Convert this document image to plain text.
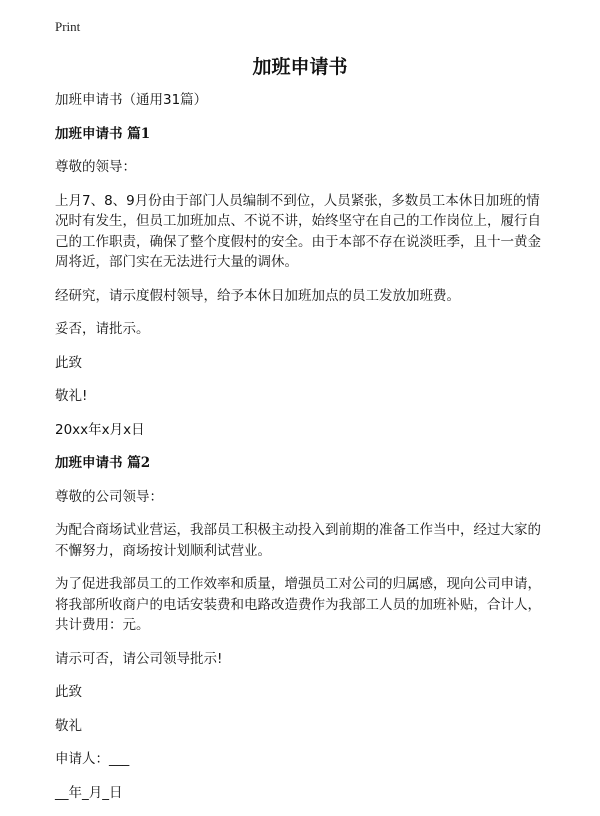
Print
加班申请书

加班申请书（通用31篇）

加班申请书 篇1

尊敬的领导：

上月7、8、9月份由于部门人员编制不到位，人员紧张，多数员工本休日加班的情况时有发生，但员工加班加点、不说不讲，始终坚守在自己的工作岗位上，履行自己的工作职责，确保了整个度假村的安全。由于本部不存在说淡旺季，且十一黄金周将近，部门实在无法进行大量的调休。

经研究，请示度假村领导，给予本休日加班加点的员工发放加班费。

妥否，请批示。

此致

敬礼!

20xx年x月x日

加班申请书 篇2

尊敬的公司领导：

为配合商场试业营运，我部员工积极主动投入到前期的准备工作当中，经过大家的不懈努力，商场按计划顺利试营业。

为了促进我部员工的工作效率和质量，增强员工对公司的归属感，现向公司申请，将我部所收商户的电话安装费和电路改造费作为我部工人员的加班补贴，合计人，共计费用：元。

请示可否，请公司领导批示!

此致

敬礼

申请人：___

__年_月_日
